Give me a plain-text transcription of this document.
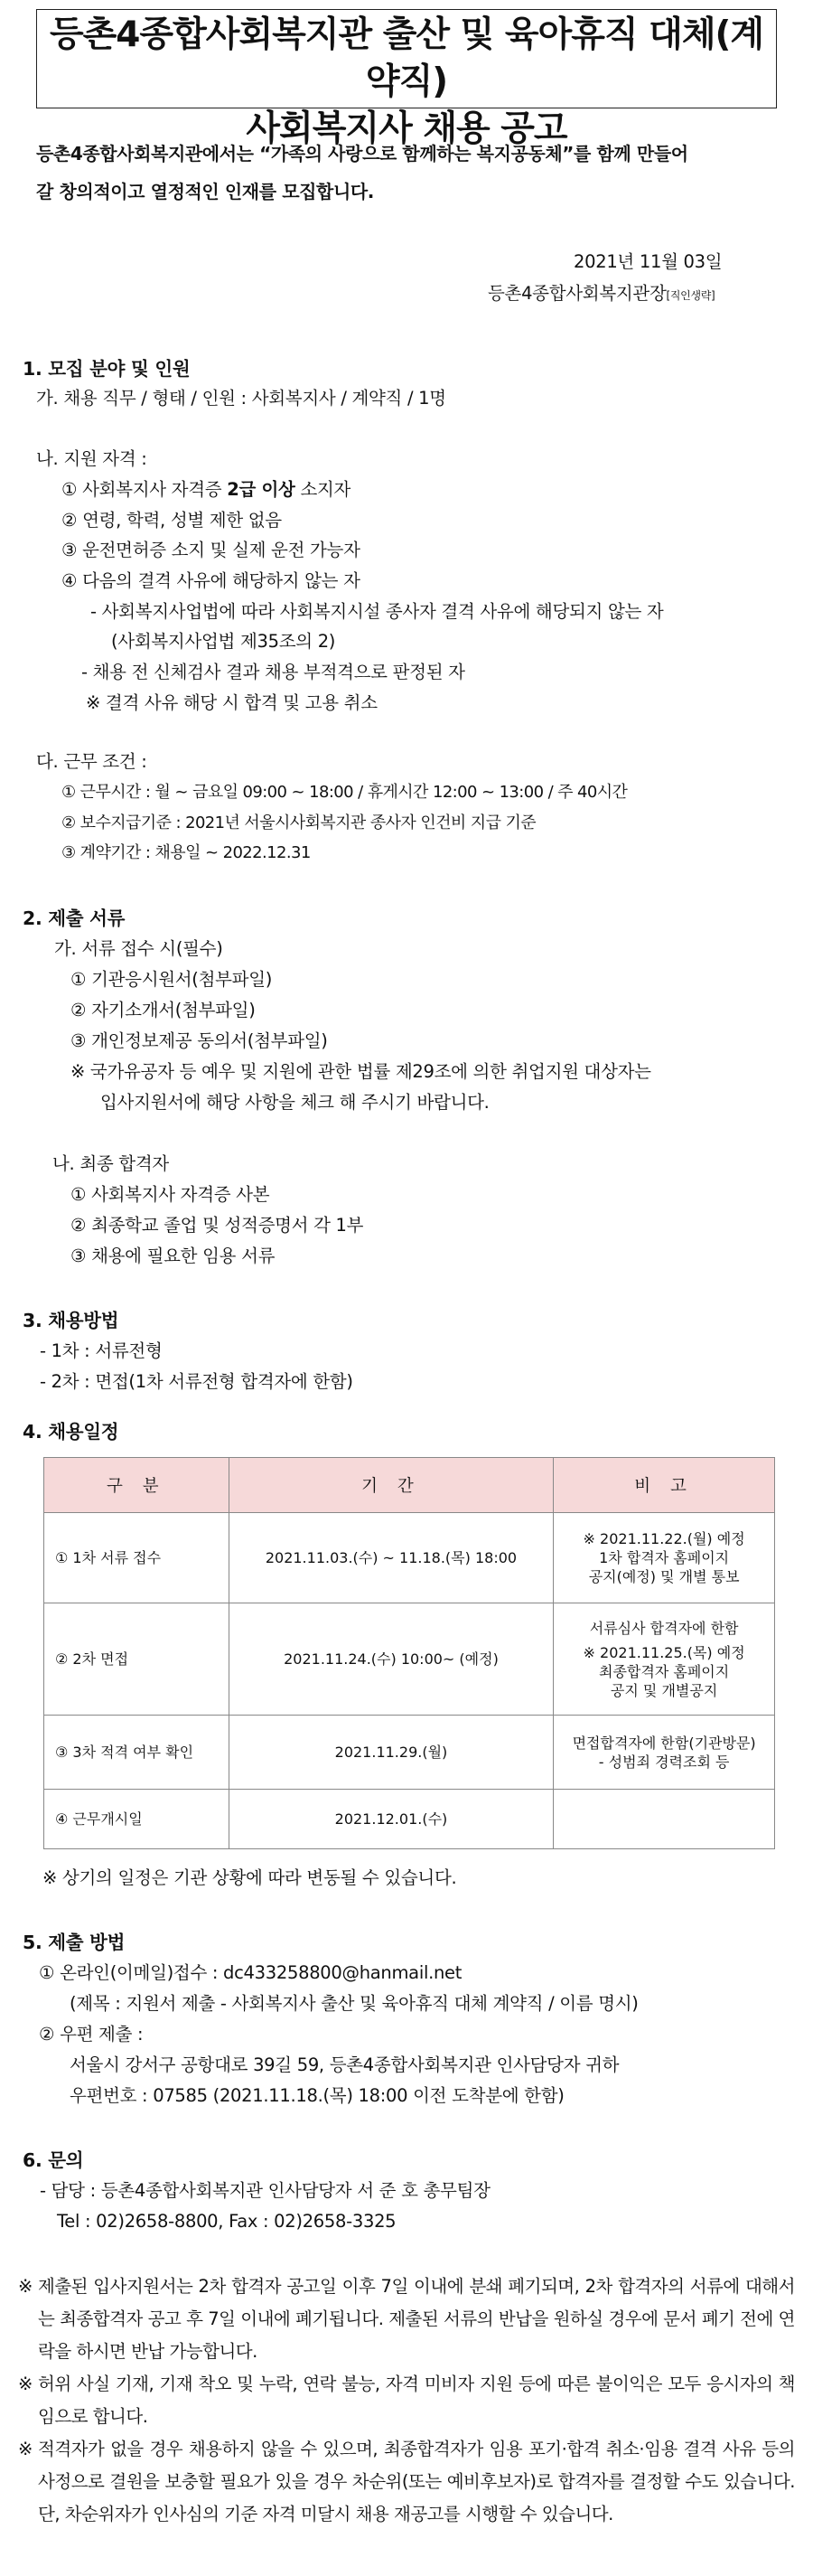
등촌4종합사회복지관 출산 및 육아휴직 대체(계약직)
사회복지사 채용 공고
등촌4종합사회복지관에서는 “가족의 사랑으로 함께하는 복지공동체”를 함께 만들어
갈 창의적이고 열정적인 인재를 모집합니다.
2021년 11월 03일
등촌4종합사회복지관장[직인생략]
1. 모집 분야 및 인원
가. 채용 직무 / 형태 / 인원 : 사회복지사 / 계약직 / 1명
나. 지원 자격 :
① 사회복지사 자격증 2급 이상 소지자
② 연령, 학력, 성별 제한 없음
③ 운전면허증 소지 및 실제 운전 가능자
④ 다음의 결격 사유에 해당하지 않는 자
- 사회복지사업법에 따라 사회복지시설 종사자 결격 사유에 해당되지 않는 자
(사회복지사업법 제35조의 2)
- 채용 전 신체검사 결과 채용 부적격으로 판정된 자
※ 결격 사유 해당 시 합격 및 고용 취소
다. 근무 조건 :
① 근무시간 : 월 ~ 금요일 09:00 ~ 18:00 / 휴게시간 12:00 ~ 13:00 / 주 40시간
② 보수지급기준 : 2021년 서울시사회복지관 종사자 인건비 지급 기준
③ 계약기간 : 채용일 ~ 2022.12.31
2. 제출 서류
가. 서류 접수 시(필수)
① 기관응시원서(첨부파일)
② 자기소개서(첨부파일)
③ 개인정보제공 동의서(첨부파일)
※ 국가유공자 등 예우 및 지원에 관한 법률 제29조에 의한 취업지원 대상자는
입사지원서에 해당 사항을 체크 해 주시기 바랍니다.
나. 최종 합격자
① 사회복지사 자격증 사본
② 최종학교 졸업 및 성적증명서 각 1부
③ 채용에 필요한 임용 서류
3. 채용방법
- 1차 : 서류전형
- 2차 : 면접(1차 서류전형 합격자에 한함)
4. 채용일정
구 분	기 간	비 고
① 1차 서류 접수	2021.11.03.(수) ~ 11.18.(목) 18:00	※ 2021.11.22.(월) 예정
1차 합격자 홈페이지
공지(예정) 및 개별 통보

② 2차 면접	2021.11.24.(수) 10:00~ (예정)	서류심사 합격자에 한함
※ 2021.11.25.(목) 예정
최종합격자 홈페이지
공지 및 개별공지

③ 3차 적격 여부 확인	2021.11.29.(월)	면접합격자에 한함(기관방문)
- 성범죄 경력조회 등

④ 근무개시일	2021.12.01.(수)	
※ 상기의 일정은 기관 상황에 따라 변동될 수 있습니다.
5. 제출 방법
① 온라인(이메일)접수 : dc433258800@hanmail.net
(제목 : 지원서 제출 - 사회복지사 출산 및 육아휴직 대체 계약직 / 이름 명시)
② 우편 제출 :
서울시 강서구 공항대로 39길 59, 등촌4종합사회복지관 인사담당자 귀하
우편번호 : 07585 (2021.11.18.(목) 18:00 이전 도착분에 한함)
6. 문의
- 담당 : 등촌4종합사회복지관 인사담당자 서 준 호 총무팀장
Tel : 02)2658-8800, Fax : 02)2658-3325
※ 제출된 입사지원서는 2차 합격자 공고일 이후 7일 이내에 분쇄 폐기되며, 2차 합격자의 서류에 대해서는 최종합격자 공고 후 7일 이내에 폐기됩니다. 제출된 서류의 반납을 원하실 경우에 문서 폐기 전에 연락을 하시면 반납 가능합니다.
※ 허위 사실 기재, 기재 착오 및 누락, 연락 불능, 자격 미비자 지원 등에 따른 불이익은 모두 응시자의 책임으로 합니다.
※ 적격자가 없을 경우 채용하지 않을 수 있으며, 최종합격자가 임용 포기·합격 취소·임용 결격 사유 등의 사정으로 결원을 보충할 필요가 있을 경우 차순위(또는 예비후보자)로 합격자를 결정할 수도 있습니다. 단, 차순위자가 인사심의 기준 자격 미달시 채용 재공고를 시행할 수 있습니다.
